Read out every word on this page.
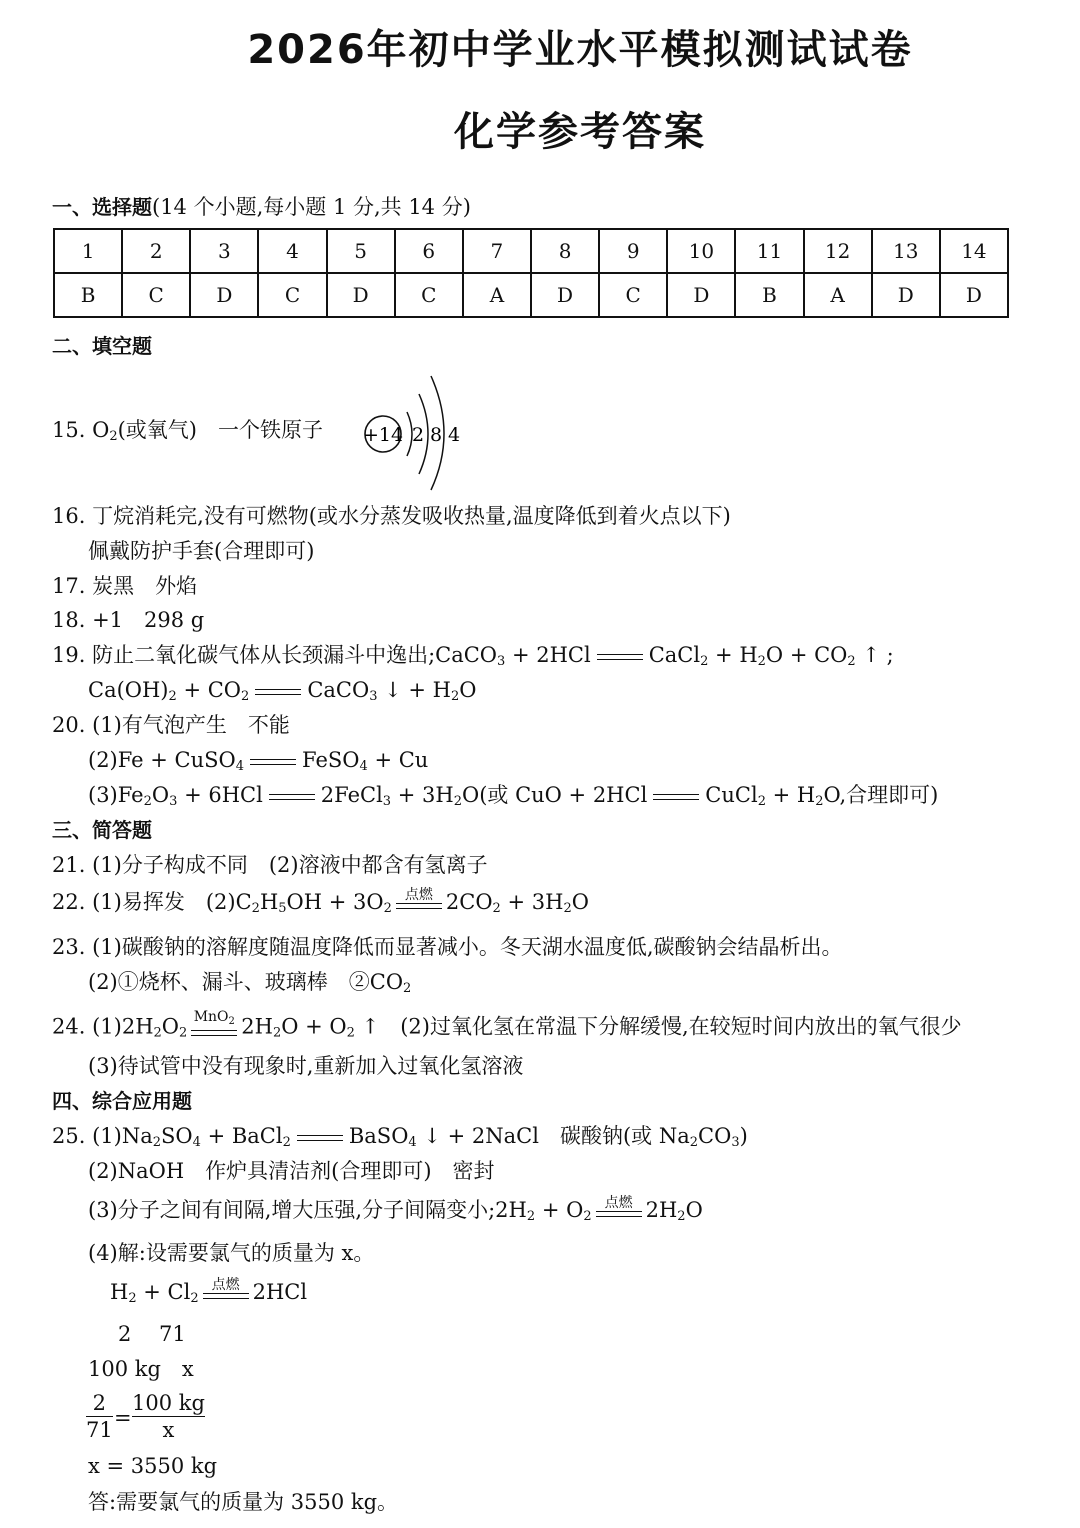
2026年初中学业水平模拟测试试卷
化学参考答案
一、选择题(14 个小题,每小题 1 分,共 14 分)
1	2	3	4	5	6	7	8	9	10	11	12	13	14
B	C	D	C	D	C	A	D	C	D	B	A	D	D
二、填空题
15. $O_2$(或氧气)　 一个铁原子 +14 2 8 4
16. 丁烷消耗完,没有可燃物(或水分蒸发吸收热量,温度降低到着火点以下)
佩戴防护手套(合理即可)
17. 炭黑　外焰
18. +1　298 g
19. 防止二氧化碳气体从长颈漏斗中逸出;CaCO$_3$ + 2HCl	CaCl$_2$ + $H_2O + CO_2$ ↑ ;
$Ca(OH)_2 + CO_2$	CaCO$_3$ ↓ + $H_2O$
20. (1)有气泡产生　不能
(2)Fe + CuSO$_4$	FeSO$_4$ + Cu
$(3)Fe_2O_3 + 6HCl$	2FeCl$_3$ + $3H_2O$(或 CuO + 2HCl	CuCl$_2$ + $H_2O$,合理即可)
三、简答题
21. (1)分子构成不同　(2)溶液中都含有氢离子
22. (1)易挥发　$(2)C_2H_5OH + 3O_2$
点燃 $2CO_2 + 3H_2O$
23. (1)碳酸钠的溶解度随温度降低而显著减小。冬天湖水温度低,碳酸钠会结晶析出。
(2)①烧杯、漏斗、玻璃棒　$②CO_2$
24. $(1)2H_2O_2$
MnO$_2$ $2H_2O + O_2$ ↑　(2)过氧化氢在常温下分解缓慢,在较短时间内放出的氧气很少
(3)待试管中没有现象时,重新加入过氧化氢溶液
四、综合应用题
25. $(1)Na_2SO_4$ + BaCl$_2$	BaSO$_4$ ↓ + 2NaCl　碳酸钠(或 $Na_2CO_3$)
(2)NaOH　作炉具清洁剂(合理即可)　密封
(3)分子之间有间隔,增大压强,分子间隔变小$;2H_2 + O_2$
点燃 $2H_2O$
(4)解:设需要氯气的质量为 x。
$H_2 + Cl_2$
点燃 2HCl
2　 71
100 kg　x
2
71 =
100 kg
x
x = 3550 kg
答:需要氯气的质量为 3550 kg。
